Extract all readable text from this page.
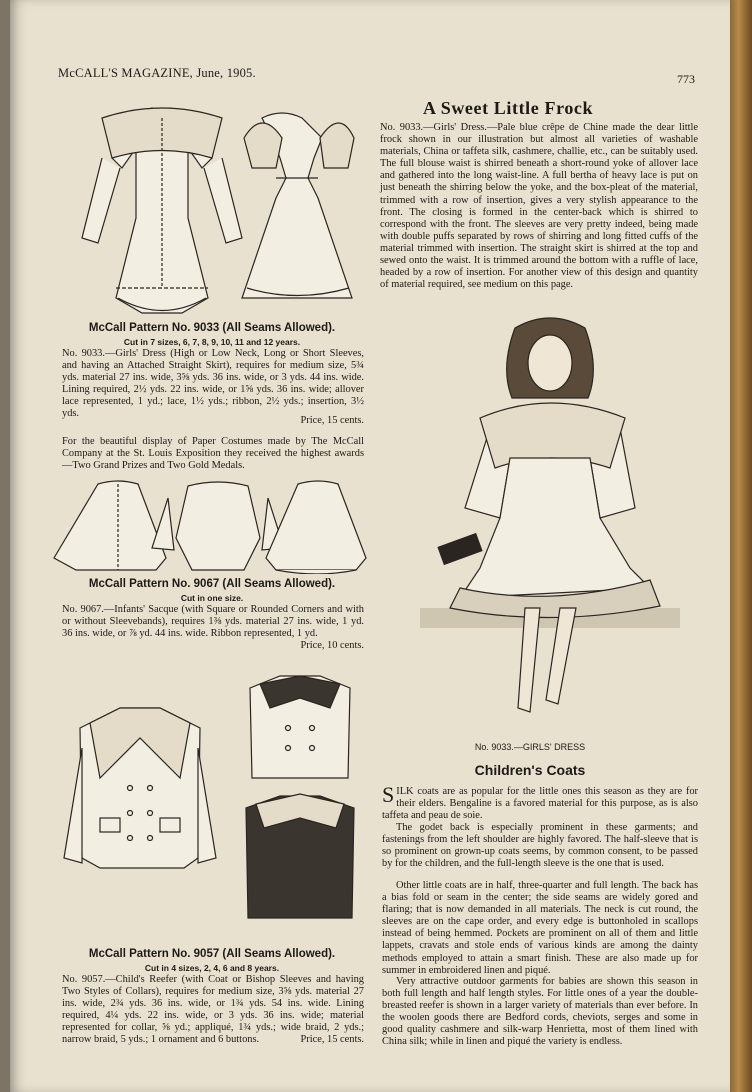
McCALL'S MAGAZINE, June, 1905.	773
McCall Pattern No. 9033 (All Seams Allowed).
Cut in 7 sizes, 6, 7, 8, 9, 10, 11 and 12 years.
No. 9033.—Girls' Dress (High or Low Neck, Long or Short Sleeves, and having an Attached Straight Skirt), requires for medium size, 5¾ yds. material 27 ins. wide, 3⅝ yds. 36 ins. wide, or 3 yds. 44 ins. wide. Lining required, 2½ yds. 22 ins. wide, or 1⅝ yds. 36 ins. wide; allover lace represented, 1 yd.; lace, 1½ yds.; ribbon, 2½ yds.; insertion, 3½ yds.
Price, 15 cents.
For the beautiful display of Paper Costumes made by The McCall Company at the St. Louis Exposition they received the highest awards—Two Grand Prizes and Two Gold Medals.
McCall Pattern No. 9067 (All Seams Allowed).
Cut in one size.
No. 9067.—Infants' Sacque (with Square or Rounded Corners and with or without Sleevebands), requires 1⅜ yds. material 27 ins. wide, 1 yd. 36 ins. wide, or ⅞ yd. 44 ins. wide. Ribbon represented, 1 yd.
Price, 10 cents.
McCall Pattern No. 9057 (All Seams Allowed).
Cut in 4 sizes, 2, 4, 6 and 8 years.
No. 9057.—Child's Reefer (with Coat or Bishop Sleeves and having Two Styles of Collars), requires for medium size, 3⅝ yds. material 27 ins. wide, 2¾ yds. 36 ins. wide, or 1¾ yds. 54 ins. wide. Lining required, 4¼ yds. 22 ins. wide, or 3 yds. 36 ins. wide; material represented for collar, ⅝ yd.; appliqué, 1¾ yds.; wide braid, 2 yds.; narrow braid, 5 yds.; 1 ornament and 6 buttons.	Price, 15 cents.
A Sweet Little Frock
No. 9033.—Girls' Dress.—Pale blue crêpe de Chine made the dear little frock shown in our illustration but almost all varieties of washable materials, China or taffeta silk, cashmere, challie, etc., can be suitably used. The full blouse waist is shirred beneath a short-round yoke of allover lace and gathered into the long waist-line. A full bertha of heavy lace is put on just beneath the shirring below the yoke, and the box-pleat of the material, trimmed with a row of insertion, gives a very stylish appearance to the front. The closing is formed in the center-back which is shirred to correspond with the front. The sleeves are very pretty indeed, being made with double puffs separated by rows of shirring and long fitted cuffs of the material trimmed with insertion. The straight skirt is shirred at the top and sewed onto the waist. It is trimmed around the bottom with a ruffle of lace, headed by a row of insertion. For another view of this design and quantity of material required, see medium on this page.
No. 9033.—GIRLS' DRESS
Children's Coats
SILK coats are as popular for the little ones this season as they are for their elders. Bengaline is a favored material for this purpose, as is also taffeta and peau de soie.
The godet back is especially prominent in these garments; and fastenings from the left shoulder are highly favored. The half-sleeve that is so prominent on grown-up coats seems, by common consent, to be passed by for the children, and the full-length sleeve is the one that is used.
Other little coats are in half, three-quarter and full length. The back has a bias fold or seam in the center; the side seams are widely gored and flaring; that is now demanded in all materials. The neck is cut round, the sleeves are on the cape order, and every edge is buttonholed in scallops instead of being hemmed. Pockets are prominent on all of them and little lappets, cravats and stole ends of various kinds are among the dainty methods employed to attain a smart finish. These are also made up for summer in embroidered linen and piqué.
Very attractive outdoor garments for babies are shown this season in both full length and half length styles. For little ones of a year the double-breasted reefer is shown in a larger variety of materials than ever before. In the woolen goods there are Bedford cords, cheviots, serges and some in good quality cashmere and silk-warp Henrietta, most of them lined with China silk; while in linen and piqué the variety is endless.
